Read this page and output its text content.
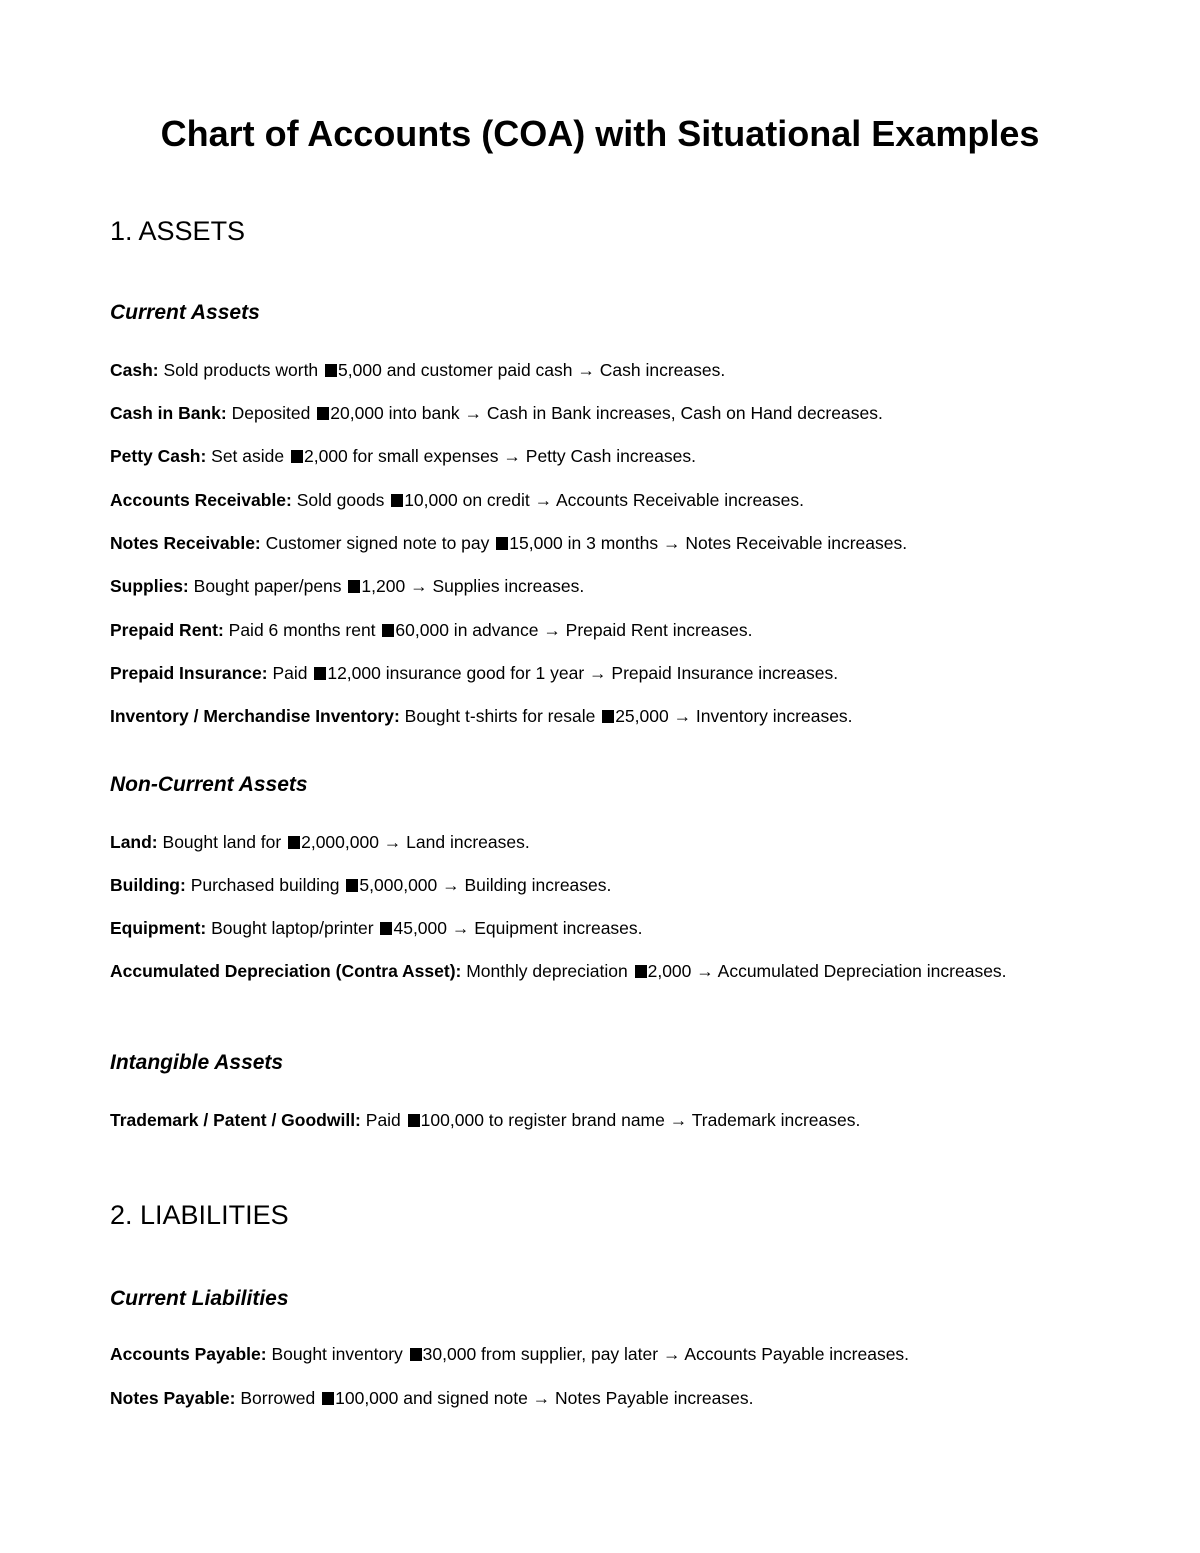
Chart of Accounts (COA) with Situational Examples
1. ASSETS
Current Assets

Cash: Sold products worth 5,000 and customer paid cash → Cash increases.

Cash in Bank: Deposited 20,000 into bank → Cash in Bank increases, Cash on Hand decreases.

Petty Cash: Set aside 2,000 for small expenses → Petty Cash increases.

Accounts Receivable: Sold goods 10,000 on credit → Accounts Receivable increases.

Notes Receivable: Customer signed note to pay 15,000 in 3 months → Notes Receivable increases.

Supplies: Bought paper/pens 1,200 → Supplies increases.

Prepaid Rent: Paid 6 months rent 60,000 in advance → Prepaid Rent increases.

Prepaid Insurance: Paid 12,000 insurance good for 1 year → Prepaid Insurance increases.

Inventory / Merchandise Inventory: Bought t-shirts for resale 25,000 → Inventory increases.

Non-Current Assets

Land: Bought land for 2,000,000 → Land increases.

Building: Purchased building 5,000,000 → Building increases.

Equipment: Bought laptop/printer 45,000 → Equipment increases.

Accumulated Depreciation (Contra Asset): Monthly depreciation 2,000 → Accumulated Depreciation increases.

Intangible Assets

Trademark / Patent / Goodwill: Paid 100,000 to register brand name → Trademark increases.

2. LIABILITIES
Current Liabilities

Accounts Payable: Bought inventory 30,000 from supplier, pay later → Accounts Payable increases.

Notes Payable: Borrowed 100,000 and signed note → Notes Payable increases.
